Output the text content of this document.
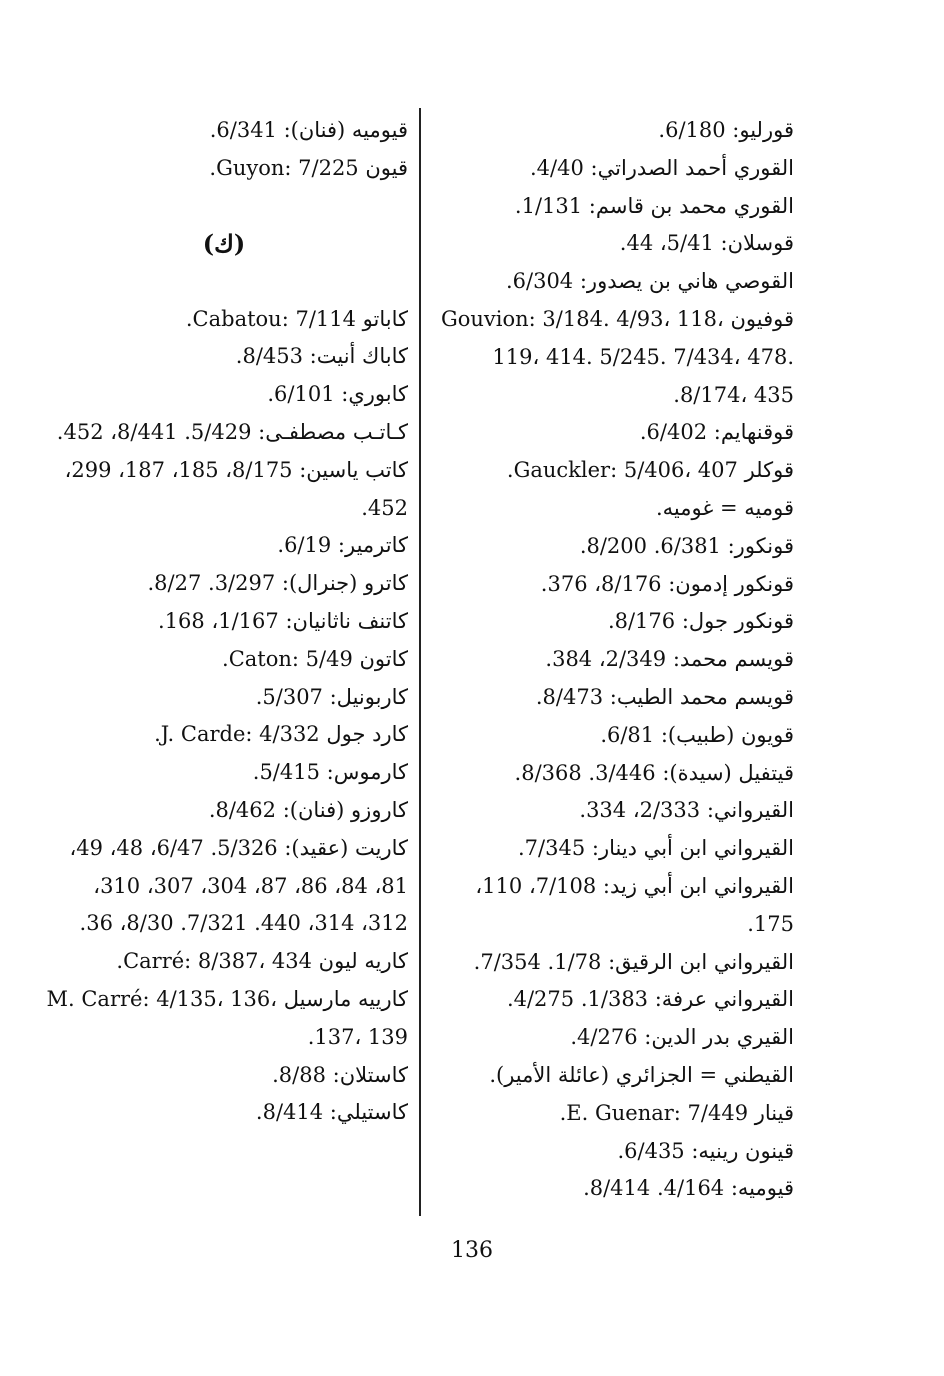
قورليو: 6/180.
القوري أحمد الصدراتي: 4/40.
القوري محمد بن قاسم: 1/131.
قوسلان: 5/41، 44.
القوصي هاني بن يصدور: 6/304.
قوفيون Gouvion: 3/184. 4/93، 118، 119، 414. 5/245. 7/434، 478. 8/174، 435.
قوقنهايم: 6/402.
قوكلر Gauckler: 5/406، 407.
قوميه = غوميه.
قونكور: 6/381. 8/200.
قونكور إدمون: 8/176، 376.
قونكور جول: 8/176.
قويسم محمد: 2/349، 384.
قويسم محمد الطيب: 8/473.
قويون (طبيب): 6/81.
قيتفيل (سيدة): 3/446. 8/368.
القيرواني: 2/333، 334.
القيرواني ابن أبي دينار: 7/345.
القيرواني ابن أبي زيد: 7/108، 110، 175.
القيرواني ابن الرقيق: 1/78. 7/354.
القيرواني عرفة: 1/383. 4/275.
القيري بدر الدين: 4/276.
القيطني = الجزائري (عائلة الأمير).
قينار E. Guenar: 7/449.
قينون رينيه: 6/435.
قيوميه: 4/164. 8/414.
قيوميه (فنان): 6/341.
قيون Guyon: 7/225.
(ك)
كاباتو Cabatou: 7/114.
كاباك أنيت: 8/453.
كابوري: 6/101.
كـاتـب مصطفـى: 5/429. 8/441، 452.
كاتب ياسين: 8/175، 185، 187، 299، 452.
كاترمير: 6/19.
كاترو (جنرال): 3/297. 8/27.
كاتنف ناثانيان: 1/167، 168.
كاتون Caton: 5/49.
كاربونيل: 5/307.
كارد جول J. Carde: 4/332.
كارموس: 5/415.
كاروزو (فنان): 8/462.
كاريت (عقيد): 5/326. 6/47، 48، 49، 81، 84، 86، 87، 304، 307، 310، 312، 314، 440. 7/321. 8/30، 36.
كاريه ليون Carré: 8/387، 434.
كارييه مارسيل M. Carré: 4/135، 136، 137، 139.
كاستلان: 8/88.
كاستيلي: 8/414.
136
